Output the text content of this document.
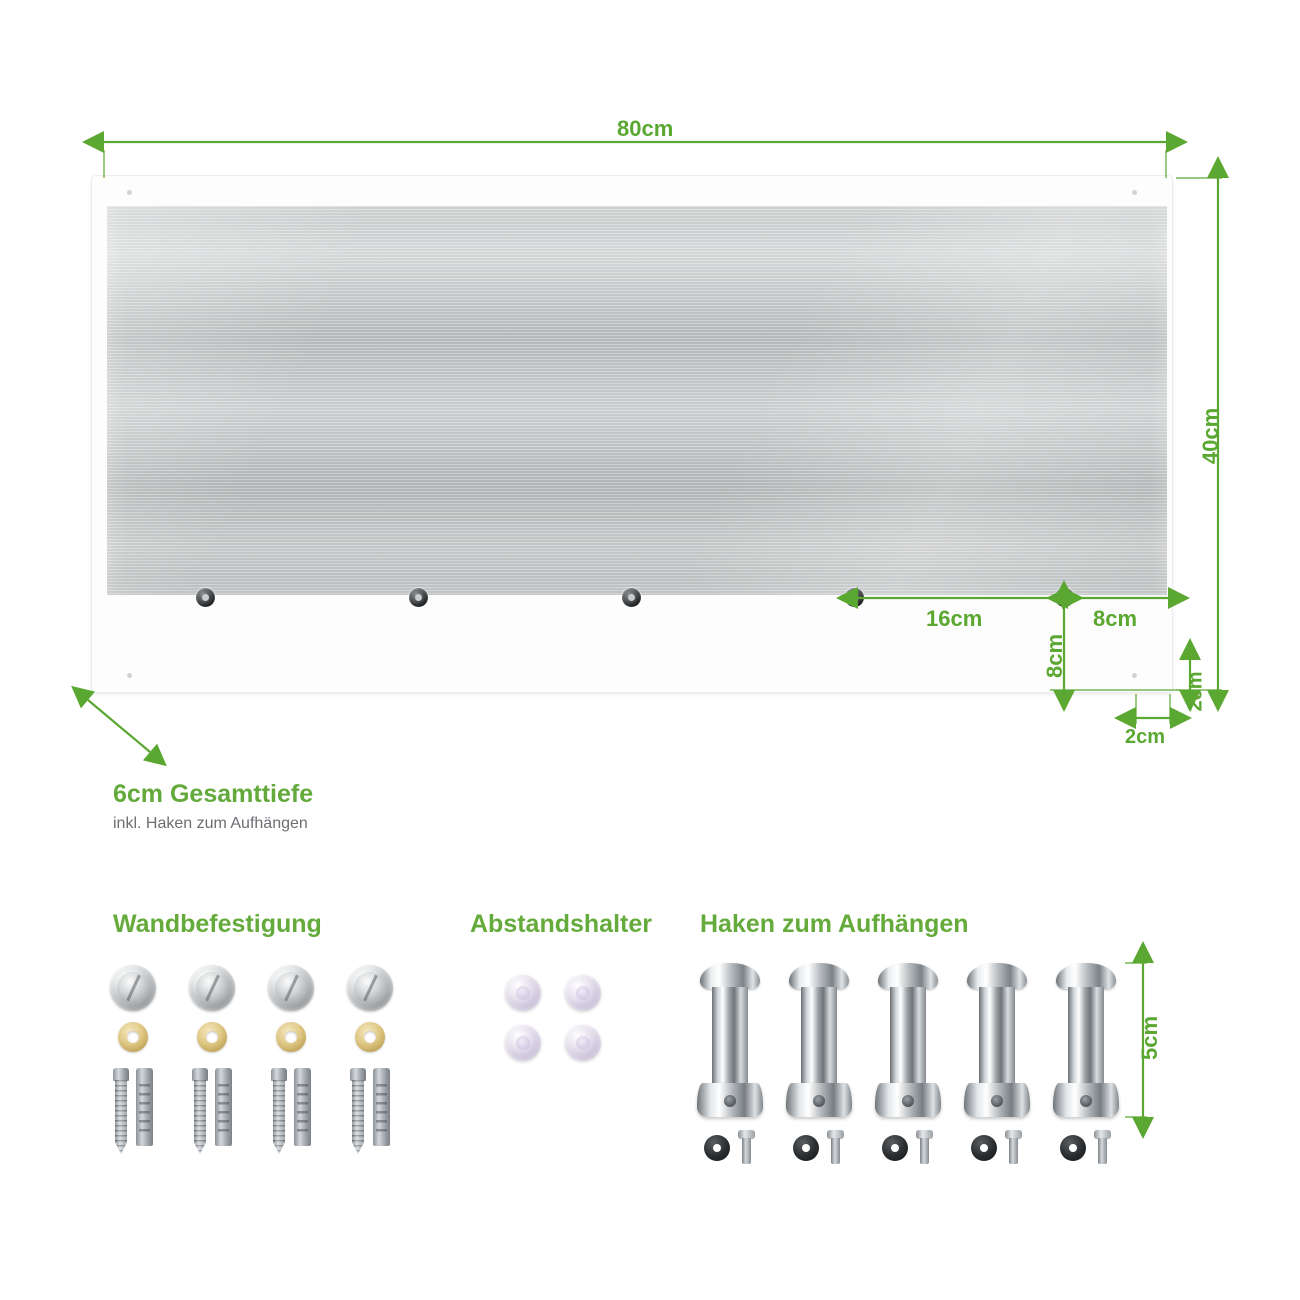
80cm
40cm
16cm	8cm
8cm
2cm
2cm
5cm
6cm Gesamttiefe
inkl. Haken zum Aufhängen
Wandbefestigung	Abstandshalter Haken zum Aufhängen
